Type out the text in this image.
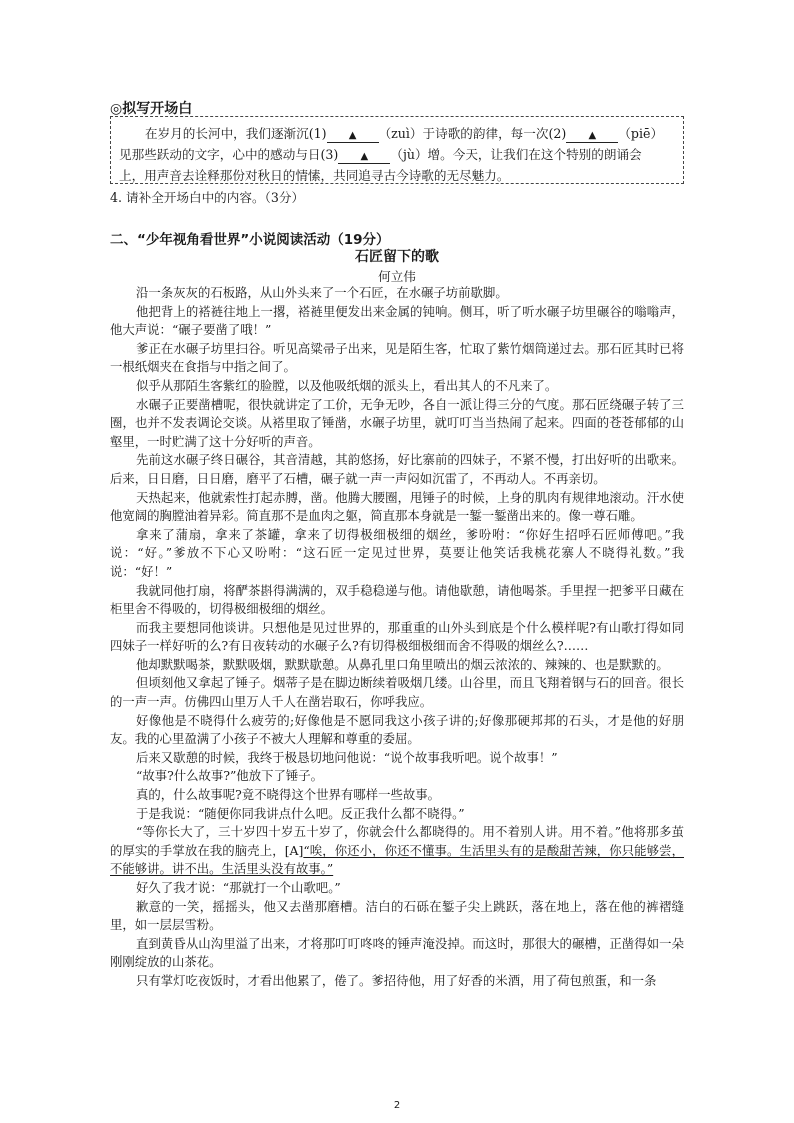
◎拟写开场白
在岁月的长河中，我们逐渐沉(1) ▲ （zuì）于诗歌的韵律，每一次(2) ▲ （piē）
见那些跃动的文字，心中的感动与日(3) ▲ （jù）增。今天，让我们在这个特别的朗诵会
上，用声音去诠释那份对秋日的情愫，共同追寻古今诗歌的无尽魅力。
4. 请补全开场白中的内容。（3分）
二、“少年视角看世界”小说阅读活动（19分）
石匠留下的歌
何立伟

沿一条灰灰的石板路，从山外头来了一个石匠，在水碾子坊前歇脚。

他把背上的褡裢往地上一撂，褡裢里便发出来金属的钝响。侧耳，听了听水碾子坊里碾谷的嗡嗡声，他大声说：“碾子要凿了哦！”

爹正在水碾子坊里扫谷。听见高粱帚子出来，见是陌生客，忙取了紫竹烟筒递过去。那石匠其时已将一根纸烟夹在食指与中指之间了。

似乎从那陌生客紫红的脸膛，以及他吸纸烟的派头上，看出其人的不凡来了。

水碾子正要凿槽呢，很快就讲定了工价，无争无吵，各自一派让得三分的气度。那石匠绕碾子转了三圈，也并不发表调论交谈。从褡里取了锤凿，水碾子坊里，就叮叮当当热闹了起来。四面的苍苍郁郁的山壑里，一时贮满了这十分好听的声音。

先前这水碾子终日碾谷，其音清越，其韵悠扬，好比寨前的四妹子，不紧不慢，打出好听的出歌来。后来，日日磨，日日磨，磨平了石槽，碾子就一声一声闷如沉雷了，不再动人。不再亲切。

天热起来，他就索性打起赤膊，凿。他腾大腰圈，甩锤子的时候，上身的肌肉有规律地滚动。汗水使他宽阔的胸膛油着异彩。简直那不是血肉之躯，简直那本身就是一錾一錾凿出来的。像一尊石雕。

拿来了蒲扇，拿来了茶罐，拿来了切得极细极细的烟丝，爹吩咐：“你好生招呼石匠师傅吧。”我说：“好。”爹放不下心又吩咐：“这石匠一定见过世界，莫要让他笑话我桃花寨人不晓得礼数。”我说：“好！”

我就同他打扇，将酽茶斟得满满的，双手稳稳递与他。请他歇憩，请他喝茶。手里捏一把爹平日藏在柜里舍不得吸的，切得极细极细的烟丝。

而我主要想同他谈讲。只想他是见过世界的，那重重的山外头到底是个什么模样呢?有山歌打得如同四妹子一样好听的么?有日夜转动的水碾子么?有切得极细极细而舍不得吸的烟丝么?……

他却默默喝茶，默默吸烟，默默歇憩。从鼻孔里口角里喷出的烟云浓浓的、辣辣的、也是默默的。

但顷刻他又拿起了锤子。烟蒂子是在脚边断续着吸烟几缕。山谷里，而且飞翔着钢与石的回音。很长的一声一声。仿佛四山里万人千人在凿岩取石，你呼我应。

好像他是不晓得什么疲劳的;好像他是不愿同我这小孩子讲的;好像那硬邦邦的石头，才是他的好朋友。我的心里盈满了小孩子不被大人理解和尊重的委屈。

后来又歇憩的时候，我终于极恳切地问他说：“说个故事我听吧。说个故事！”

“故事?什么故事?”他放下了锤子。

真的，什么故事呢?竟不晓得这个世界有哪样一些故事。

于是我说：“随便你同我讲点什么吧。反正我什么都不晓得。”

“等你长大了，三十岁四十岁五十岁了，你就会什么都晓得的。用不着别人讲。用不着。”他将那多茧的厚实的手掌放在我的脑壳上，[A]“唉，你还小，你还不懂事。生活里头有的是酸甜苦辣，你只能够尝，不能够讲。讲不出。生活里头没有故事。”

好久了我才说：“那就打一个山歌吧。”

歉意的一笑，摇摇头，他又去凿那磨槽。洁白的石砾在錾子尖上跳跃，落在地上，落在他的裤褶缝里，如一层层雪粉。

直到黄昏从山沟里溢了出来，才将那叮叮咚咚的锤声淹没掉。而这时，那很大的碾槽，正凿得如一朵刚刚绽放的山茶花。

只有掌灯吃夜饭时，才看出他累了，倦了。爹招待他，用了好香的米酒，用了荷包煎蛋，和一条

2
